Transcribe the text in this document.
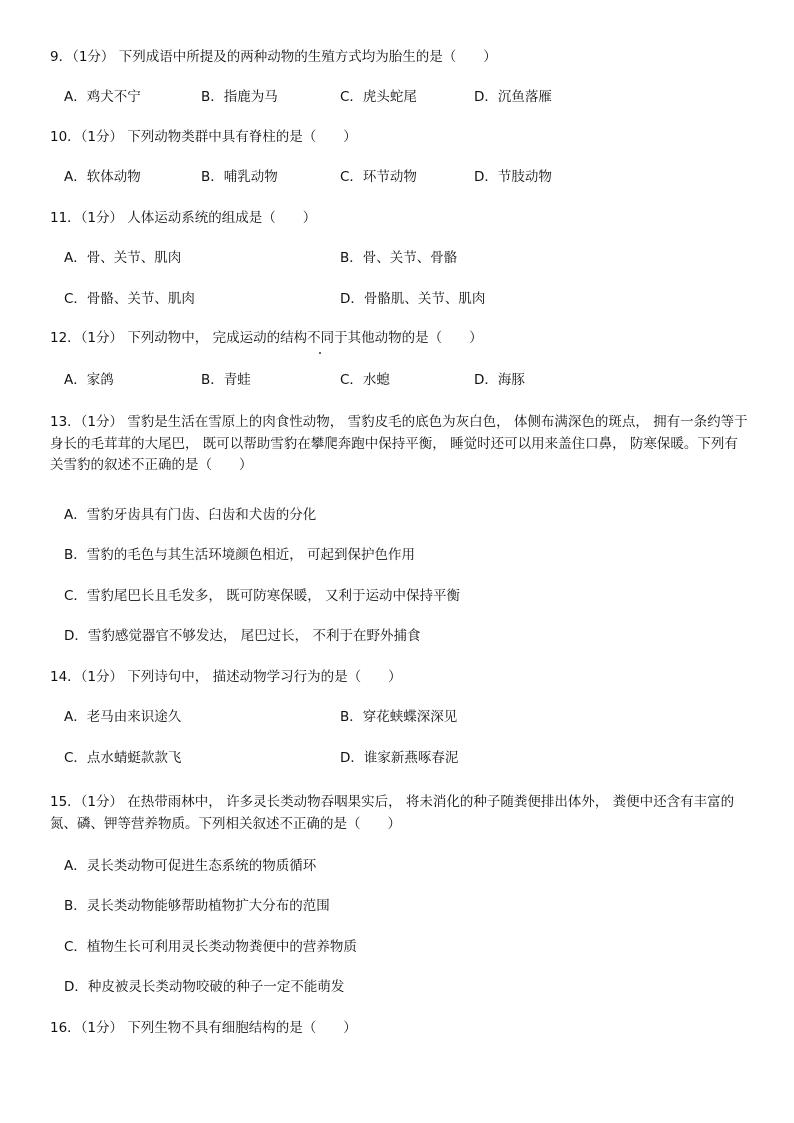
9．（1分） 下列成语中所提及的两种动物的生殖方式均为胎生的是（　　）
A．鸡犬不宁	B．指鹿为马	C．虎头蛇尾	D．沉鱼落雁
10．（1分） 下列动物类群中具有脊柱的是（　　）
A．软体动物	B．哺乳动物	C．环节动物	D．节肢动物
11．（1分） 人体运动系统的组成是（　　）
A．骨、关节、肌肉	B．骨、关节、骨骼
C．骨骼、关节、肌肉	D．骨骼肌、关节、肌肉
12．（1分） 下列动物中， 完成运动的结构不同于其他动物的是（　　）
A．家鸽	B．青蛙	C．水螅	D．海豚
13．（1分） 雪豹是生活在雪原上的肉食性动物， 雪豹皮毛的底色为灰白色， 体侧布满深色的斑点， 拥有一条约等于身长的毛茸茸的大尾巴， 既可以帮助雪豹在攀爬奔跑中保持平衡， 睡觉时还可以用来盖住口鼻， 防寒保暖。下列有关雪豹的叙述不正确的是（　　）
A．雪豹牙齿具有门齿、臼齿和犬齿的分化
B．雪豹的毛色与其生活环境颜色相近， 可起到保护色作用
C．雪豹尾巴长且毛发多， 既可防寒保暖， 又利于运动中保持平衡
D．雪豹感觉器官不够发达， 尾巴过长， 不利于在野外捕食
14．（1分） 下列诗句中， 描述动物学习行为的是（　　）
A．老马由来识途久	B．穿花蛱蝶深深见
C．点水蜻蜓款款飞	D．谁家新燕啄春泥
15．（1分） 在热带雨林中， 许多灵长类动物吞咽果实后， 将未消化的种子随粪便排出体外， 粪便中还含有丰富的氮、磷、钾等营养物质。下列相关叙述不正确的是（　　）
A．灵长类动物可促进生态系统的物质循环
B．灵长类动物能够帮助植物扩大分布的范围
C．植物生长可利用灵长类动物粪便中的营养物质
D．种皮被灵长类动物咬破的种子一定不能萌发
16．（1分） 下列生物不具有细胞结构的是（　　）
